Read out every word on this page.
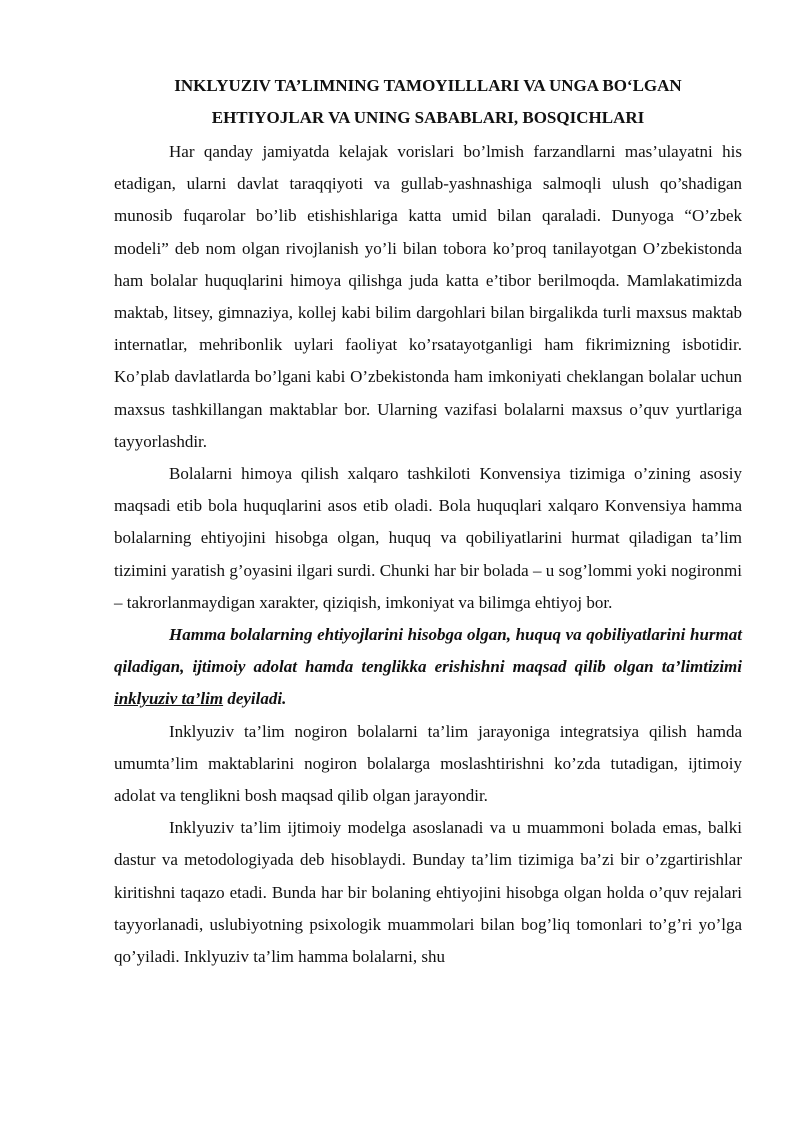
INKLYUZIV TA’LIMNING TAMOYILLLARI VA UNGA BO‘LGAN
EHTIYOJLAR VA UNING SABABLARI, BOSQICHLARI

Har qanday jamiyatda kelajak vorislari bo’lmish farzandlarni mas’ulayatni his etadigan, ularni davlat taraqqiyoti va gullab-yashnashiga salmoqli ulush qo’shadigan munosib fuqarolar bo’lib etishishlariga katta umid bilan qaraladi. Dunyoga “O’zbek modeli” deb nom olgan rivojlanish yo’li bilan tobora ko’proq tanilayotgan O’zbekistonda ham bolalar huquqlarini himoya qilishga juda katta e’tibor berilmoqda. Mamlakatimizda maktab, litsey, gimnaziya, kollej kabi bilim dargohlari bilan birgalikda turli maxsus maktab internatlar, mehribonlik uylari faoliyat ko’rsatayotganligi ham fikrimizning isbotidir. Ko’plab davlatlarda bo’lgani kabi O’zbekistonda ham imkoniyati cheklangan bolalar uchun maxsus tashkillangan maktablar bor. Ularning vazifasi bolalarni maxsus o’quv yurtlariga tayyorlashdir.

Bolalarni himoya qilish xalqaro tashkiloti Konvensiya tizimiga o’zining asosiy maqsadi etib bola huquqlarini asos etib oladi. Bola huquqlari xalqaro Konvensiya hamma bolalarning ehtiyojini hisobga olgan, huquq va qobiliyatlarini hurmat qiladigan ta’lim tizimini yaratish g’oyasini ilgari surdi. Chunki har bir bolada – u sog’lommi yoki nogironmi – takrorlanmaydigan xarakter, qiziqish, imkoniyat va bilimga ehtiyoj bor.

Hamma bolalarning ehtiyojlarini hisobga olgan, huquq va qobiliyatlarini hurmat qiladigan, ijtimoiy adolat hamda tenglikka erishishni maqsad qilib olgan ta’limtizimi inklyuziv ta’lim deyiladi.

Inklyuziv ta’lim nogiron bolalarni ta’lim jarayoniga integratsiya qilish hamda umumta’lim maktablarini nogiron bolalarga moslashtirishni ko’zda tutadigan, ijtimoiy adolat va tenglikni bosh maqsad qilib olgan jarayondir.

Inklyuziv ta’lim ijtimoiy modelga asoslanadi va u muammoni bolada emas, balki dastur va metodologiyada deb hisoblaydi. Bunday ta’lim tizimiga ba’zi bir o’zgartirishlar kiritishni taqazo etadi. Bunda har bir bolaning ehtiyojini hisobga olgan holda o’quv rejalari tayyorlanadi, uslubiyotning psixologik muammolari bilan bog’liq tomonlari to’g’ri yo’lga qo’yiladi. Inklyuziv ta’lim hamma bolalarni, shu
